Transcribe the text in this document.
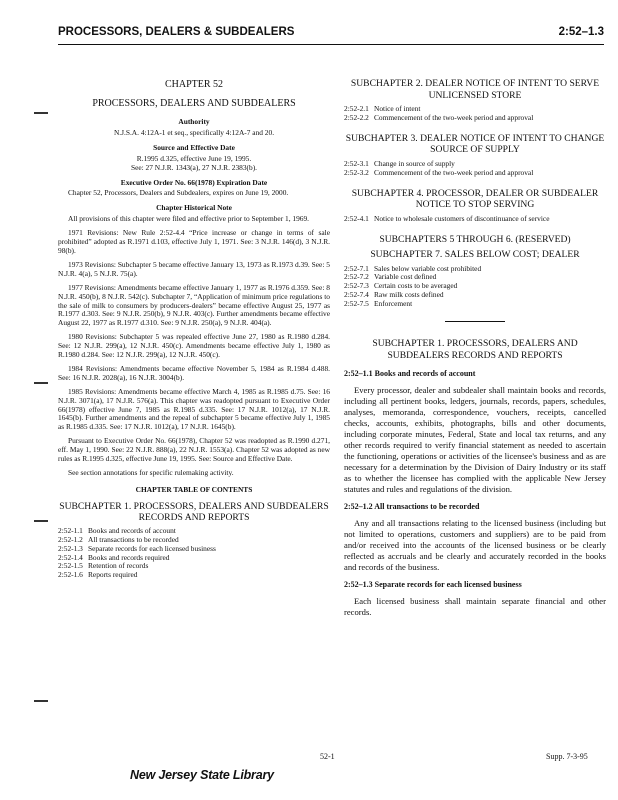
PROCESSORS, DEALERS & SUBDEALERS	2:52–1.3
CHAPTER 52
PROCESSORS, DEALERS AND SUBDEALERS
Authority

N.J.S.A. 4:12A-1 et seq., specifically 4:12A-7 and 20.

Source and Effective Date
R.1995 d.325, effective June 19, 1995.

See: 27 N.J.R. 1343(a), 27 N.J.R. 2383(b).

Executive Order No. 66(1978) Expiration Date

Chapter 52, Processors, Dealers and Subdealers, expires on June 19, 2000.

Chapter Historical Note

All provisions of this chapter were filed and effective prior to September 1, 1969.

1971 Revisions: New Rule 2:52-4.4 “Price increase or change in terms of sale prohibited” adopted as R.1971 d.103, effective July 1, 1971. See: 3 N.J.R. 146(d), 3 N.J.R. 98(b).

1973 Revisions: Subchapter 5 became effective January 13, 1973 as R.1973 d.39. See: 5 N.J.R. 4(a), 5 N.J.R. 75(a).

1977 Revisions: Amendments became effective January 1, 1977 as R.1976 d.359. See: 8 N.J.R. 450(b), 8 N.J.R. 542(c). Subchapter 7, “Application of minimum price regulations to the sale of milk to consumers by producers-dealers” became effective August 25, 1977 as R.1977 d.303. See: 9 N.J.R. 250(b), 9 N.J.R. 403(c). Further amendments became effective August 22, 1977 as R.1977 d.310. See: 9 N.J.R. 250(a), 9 N.J.R. 404(a).

1980 Revisions: Subchapter 5 was repealed effective June 27, 1980 as R.1980 d.284. See: 12 N.J.R. 299(a), 12 N.J.R. 450(c). Amendments became effective July 1, 1980 as R.1980 d.284. See: 12 N.J.R. 299(a), 12 N.J.R. 450(c).

1984 Revisions: Amendments became effective November 5, 1984 as R.1984 d.488. See: 16 N.J.R. 2028(a), 16 N.J.R. 3004(b).

1985 Revisions: Amendments became effective March 4, 1985 as R.1985 d.75. See: 16 N.J.R. 3071(a), 17 N.J.R. 576(a). This chapter was readopted pursuant to Executive Order 66(1978) effective June 7, 1985 as R.1985 d.335. See: 17 N.J.R. 1012(a), 17 N.J.R. 1645(b). Further amendments and the repeal of subchapter 5 became effective July 1, 1985 as R.1985 d.335. See: 17 N.J.R. 1012(a), 17 N.J.R. 1645(b).

Pursuant to Executive Order No. 66(1978), Chapter 52 was readopted as R.1990 d.271, eff. May 1, 1990. See: 22 N.J.R. 888(a), 22 N.J.R. 1553(a). Chapter 52 was adopted as new rules as R.1995 d.325, effective June 19, 1995. See: Source and Effective Date.

See section annotations for specific rulemaking activity.

CHAPTER TABLE OF CONTENTS
SUBCHAPTER 1. PROCESSORS, DEALERS AND SUBDEALERS RECORDS AND REPORTS
2:52-1.1 Books and records of account
2:52-1.2 All transactions to be recorded
2:52-1.3 Separate records for each licensed business
2:52-1.4 Books and records required
2:52-1.5 Retention of records
2:52-1.6 Reports required
SUBCHAPTER 2. DEALER NOTICE OF INTENT TO SERVE UNLICENSED STORE
2:52-2.1 Notice of intent
2:52-2.2 Commencement of the two-week period and approval
SUBCHAPTER 3. DEALER NOTICE OF INTENT TO CHANGE SOURCE OF SUPPLY
2:52-3.1 Change in source of supply
2:52-3.2 Commencement of the two-week period and approval
SUBCHAPTER 4. PROCESSOR, DEALER OR SUBDEALER NOTICE TO STOP SERVING
2:52-4.1 Notice to wholesale customers of discontinuance of service
SUBCHAPTERS 5 THROUGH 6. (RESERVED)
SUBCHAPTER 7. SALES BELOW COST; DEALER
2:52-7.1 Sales below variable cost prohibited
2:52-7.2 Variable cost defined
2:52-7.3 Certain costs to be averaged
2:52-7.4 Raw milk costs defined
2:52-7.5 Enforcement
SUBCHAPTER 1. PROCESSORS, DEALERS AND SUBDEALERS RECORDS AND REPORTS
2:52–1.1 Books and records of account

Every processor, dealer and subdealer shall maintain books and records, including all pertinent books, ledgers, journals, records, papers, schedules, analyses, memoranda, correspondence, vouchers, receipts, cancelled checks, accounts, exhibits, photographs, bills and other documents, including corporate minutes, Federal, State and local tax returns, and any other records required to verify financial statement as needed to ascertain the functioning, operations or activities of the licensee's business and as are necessary for a determination by the Division of Dairy Industry or its staff as to whether the licensee has complied with the applicable New Jersey statutes and rules and regulations of the division.

2:52–1.2 All transactions to be recorded

Any and all transactions relating to the licensed business (including but not limited to operations, customers and suppliers) are to be paid from and/or received into the accounts of the licensed business or be clearly reflected as accruals and be clearly and accurately recorded in the books and records of the business.

2:52–1.3 Separate records for each licensed business

Each licensed business shall maintain separate financial and other records.

52-1	Supp. 7-3-95
New Jersey State Library
